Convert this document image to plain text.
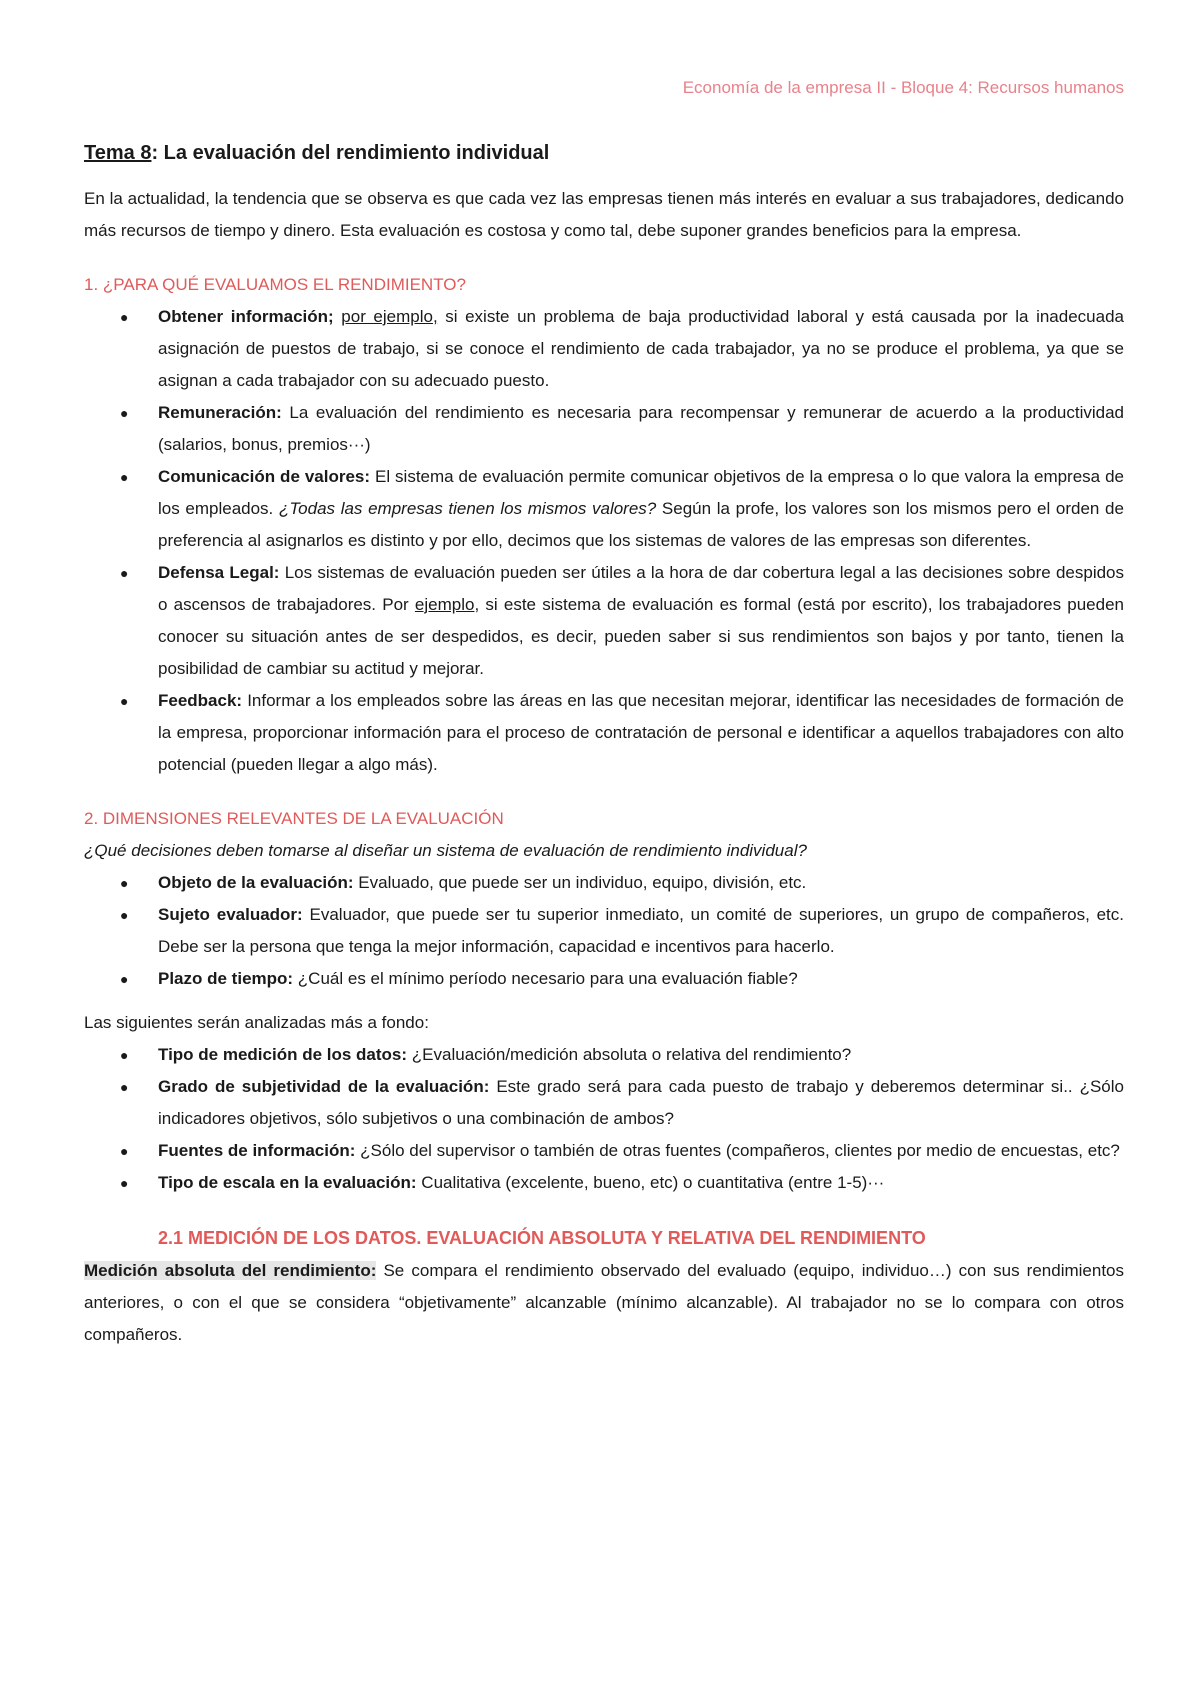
Economía de la empresa II - Bloque 4: Recursos humanos
Tema 8: La evaluación del rendimiento individual

En la actualidad, la tendencia que se observa es que cada vez las empresas tienen más interés en evaluar a sus trabajadores, dedicando más recursos de tiempo y dinero. Esta evaluación es costosa y como tal, debe suponer grandes beneficios para la empresa.

1. ¿PARA QUÉ EVALUAMOS EL RENDIMIENTO?
● Obtener información; por ejemplo, si existe un problema de baja productividad laboral y está causada por la inadecuada asignación de puestos de trabajo, si se conoce el rendimiento de cada trabajador, ya no se produce el problema, ya que se asignan a cada trabajador con su adecuado puesto.
● Remuneración: La evaluación del rendimiento es necesaria para recompensar y remunerar de acuerdo a la productividad (salarios, bonus, premios···)
● Comunicación de valores: El sistema de evaluación permite comunicar objetivos de la empresa o lo que valora la empresa de los empleados. ¿Todas las empresas tienen los mismos valores? Según la profe, los valores son los mismos pero el orden de preferencia al asignarlos es distinto y por ello, decimos que los sistemas de valores de las empresas son diferentes.
● Defensa Legal: Los sistemas de evaluación pueden ser útiles a la hora de dar cobertura legal a las decisiones sobre despidos o ascensos de trabajadores. Por ejemplo, si este sistema de evaluación es formal (está por escrito), los trabajadores pueden conocer su situación antes de ser despedidos, es decir, pueden saber si sus rendimientos son bajos y por tanto, tienen la posibilidad de cambiar su actitud y mejorar.
● Feedback: Informar a los empleados sobre las áreas en las que necesitan mejorar, identificar las necesidades de formación de la empresa, proporcionar información para el proceso de contratación de personal e identificar a aquellos trabajadores con alto potencial (pueden llegar a algo más).
2. DIMENSIONES RELEVANTES DE LA EVALUACIÓN

¿Qué decisiones deben tomarse al diseñar un sistema de evaluación de rendimiento individual?

● Objeto de la evaluación: Evaluado, que puede ser un individuo, equipo, división, etc.
● Sujeto evaluador: Evaluador, que puede ser tu superior inmediato, un comité de superiores, un grupo de compañeros, etc. Debe ser la persona que tenga la mejor información, capacidad e incentivos para hacerlo.
● Plazo de tiempo: ¿Cuál es el mínimo período necesario para una evaluación fiable?

Las siguientes serán analizadas más a fondo:

● Tipo de medición de los datos: ¿Evaluación/medición absoluta o relativa del rendimiento?
● Grado de subjetividad de la evaluación: Este grado será para cada puesto de trabajo y deberemos determinar si.. ¿Sólo indicadores objetivos, sólo subjetivos o una combinación de ambos?
● Fuentes de información: ¿Sólo del supervisor o también de otras fuentes (compañeros, clientes por medio de encuestas, etc?
● Tipo de escala en la evaluación: Cualitativa (excelente, bueno, etc) o cuantitativa (entre 1-5)···
2.1 MEDICIÓN DE LOS DATOS. EVALUACIÓN ABSOLUTA Y RELATIVA DEL RENDIMIENTO

Medición absoluta del rendimiento: Se compara el rendimiento observado del evaluado (equipo, individuo…) con sus rendimientos anteriores, o con el que se considera “objetivamente” alcanzable (mínimo alcanzable). Al trabajador no se lo compara con otros compañeros.
